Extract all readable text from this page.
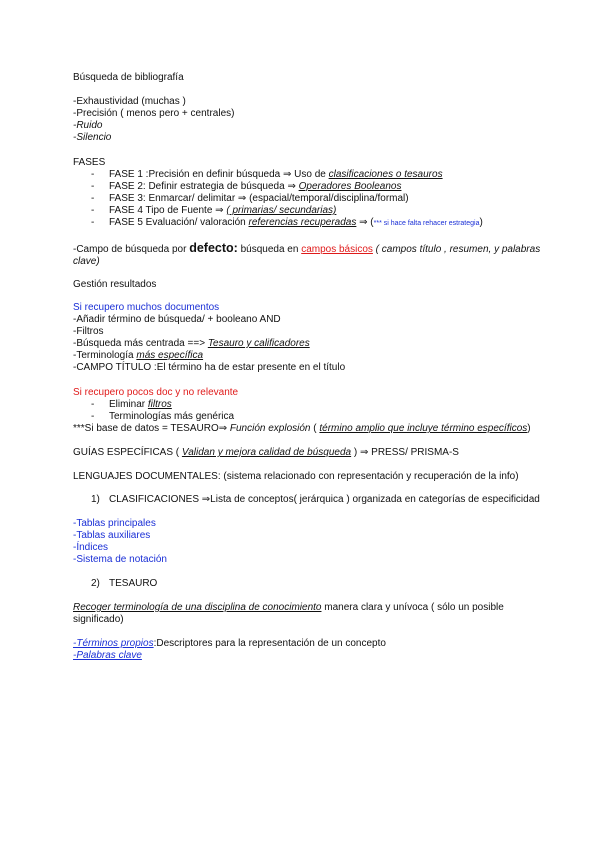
Búsqueda de bibliografía
-Exhaustividad (muchas )
-Precisión ( menos pero + centrales)
-Ruido
-Silencio
FASES
- FASE 1 :Precisión en definir búsqueda ⇒ Uso de clasificaciones o tesauros
- FASE 2: Definir estrategia de búsqueda ⇒ Operadores Booleanos
- FASE 3: Enmarcar/ delimitar ⇒ (espacial/temporal/disciplina/formal)
- FASE 4 Tipo de Fuente ⇒ ( primarias/ secundarias)
- FASE 5 Evaluación/ valoración referencias recuperadas ⇒ (*** si hace falta rehacer estrategia)
-Campo de búsqueda por defecto: búsqueda en campos básicos ( campos título , resumen, y palabras
clave)
Gestión resultados
Si recupero muchos documentos
-Añadir término de búsqueda/ + booleano AND
-Filtros
-Búsqueda más centrada ==> Tesauro y calificadores
-Terminología más específica
-CAMPO TÍTULO :El término ha de estar presente en el título
Si recupero pocos doc y no relevante
- Eliminar filtros
- Terminologías más genérica
***Si base de datos = TESAURO⇒ Función explosión ( término amplio que incluye término específicos)
GUÍAS ESPECÍFICAS ( Validan y mejora calidad de búsqueda ) ⇒ PRESS/ PRISMA-S
LENGUAJES DOCUMENTALES: (sistema relacionado con representación y recuperación de la info)
1) CLASIFICACIONES ⇒Lista de conceptos( jerárquica ) organizada en categorías de especificidad
-Tablas principales
-Tablas auxiliares
-Índices
-Sistema de notación
2) TESAURO
Recoger terminología de una disciplina de conocimiento manera clara y unívoca ( sólo un posible
significado)
-Términos propios:Descriptores para la representación de un concepto
-Palabras clave
